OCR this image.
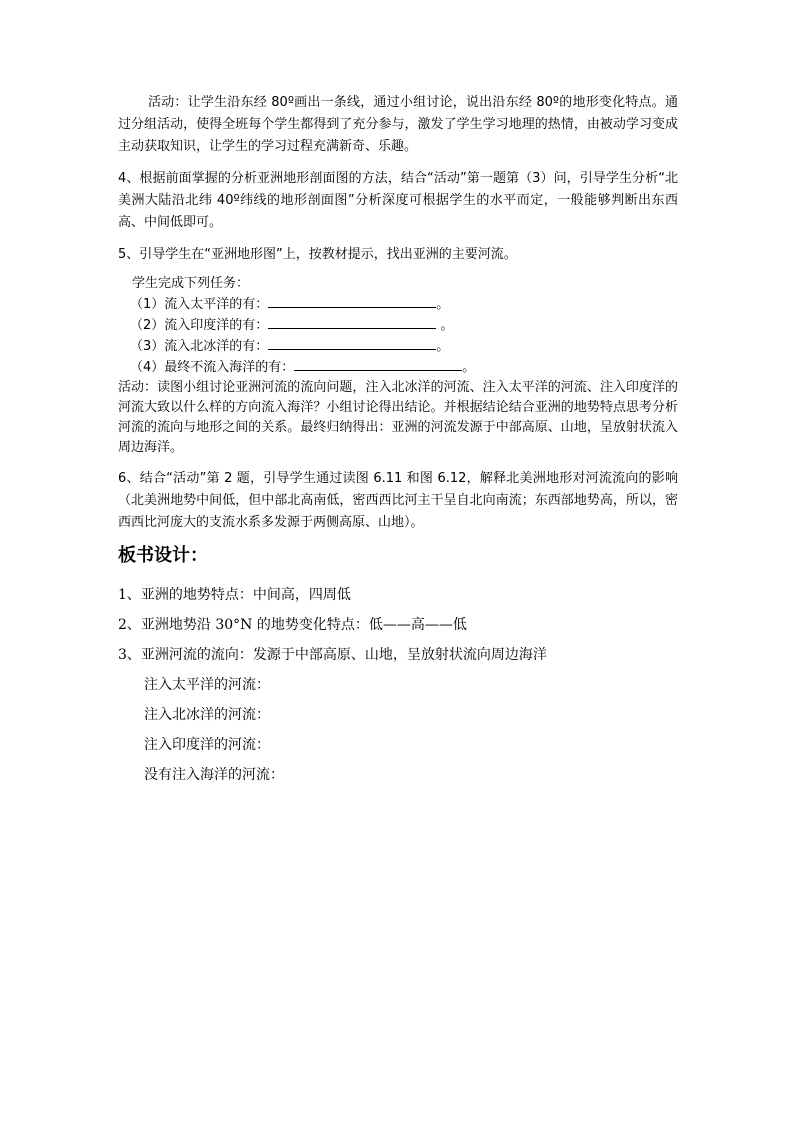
活动：让学生沿东经 80º画出一条线，通过小组讨论，说出沿东经 80º的地形变化特点。通过分组活动，使得全班每个学生都得到了充分参与，激发了学生学习地理的热情，由被动学习变成主动获取知识，让学生的学习过程充满新奇、乐趣。

4、根据前面掌握的分析亚洲地形剖面图的方法，结合“活动”第一题第（3）问，引导学生分析“北美洲大陆沿北纬 40º纬线的地形剖面图”分析深度可根据学生的水平而定，一般能够判断出东西高、中间低即可。

5、引导学生在“亚洲地形图”上，按教材提示，找出亚洲的主要河流。

学生完成下列任务：
（1）流入太平洋的有：	。
（2）流入印度洋的有：	。
（3）流入北冰洋的有：	。
（4）最终不流入海洋的有：	。

活动：读图小组讨论亚洲河流的流向问题，注入北冰洋的河流、注入太平洋的河流、注入印度洋的河流大致以什么样的方向流入海洋？小组讨论得出结论。并根据结论结合亚洲的地势特点思考分析河流的流向与地形之间的关系。最终归纳得出：亚洲的河流发源于中部高原、山地，呈放射状流入周边海洋。

6、结合“活动”第 2 题，引导学生通过读图 6.11 和图 6.12，解释北美洲地形对河流流向的影响（北美洲地势中间低，但中部北高南低，密西西比河主干呈自北向南流；东西部地势高，所以，密西西比河庞大的支流水系多发源于两侧高原、山地）。

板书设计：
1、亚洲的地势特点：中间高，四周低
2、亚洲地势沿 30°N 的地势变化特点：低——高——低
3、亚洲河流的流向：发源于中部高原、山地，呈放射状流向周边海洋
注入太平洋的河流：
注入北冰洋的河流：
注入印度洋的河流：
没有注入海洋的河流：
